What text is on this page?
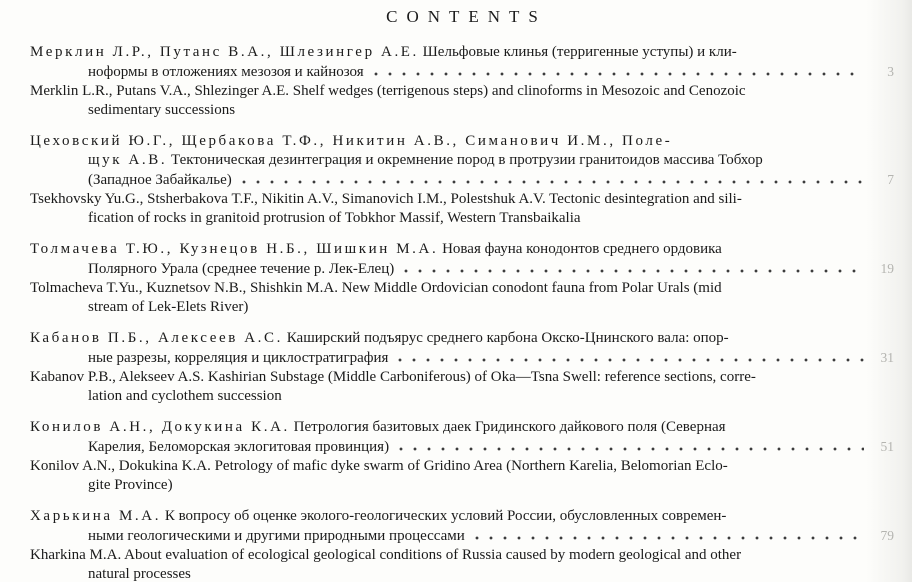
CONTENTS
Мерклин Л.Р., Путанс В.А., Шлезингер А.Е. Шельфовые клинья (терригенные уступы) и кли-
ноформы в отложениях мезозоя и кайнозоя	3
Merklin L.R., Putans V.A., Shlezinger A.E. Shelf wedges (terrigenous steps) and clinoforms in Mesozoic and Cenozoic
sedimentary successions
Цеховский Ю.Г., Щербакова Т.Ф., Никитин А.В., Симанович И.М., Поле-
щук А.В. Тектоническая дезинтеграция и окремнение пород в протрузии гранитоидов массива Тобхор
(Западное Забайкалье)	7
Tsekhovsky Yu.G., Stsherbakova T.F., Nikitin A.V., Simanovich I.M., Polestshuk A.V. Tectonic desintegration and sili-
fication of rocks in granitoid protrusion of Tobkhor Massif, Western Transbaikalia
Толмачева Т.Ю., Кузнецов Н.Б., Шишкин М.А. Новая фауна конодонтов среднего ордовика
Полярного Урала (среднее течение р. Лек-Елец)	19
Tolmacheva T.Yu., Kuznetsov N.B., Shishkin M.A. New Middle Ordovician conodont fauna from Polar Urals (mid
stream of Lek-Elets River)
Кабанов П.Б., Алексеев А.С. Каширский подъярус среднего карбона Окско-Цнинского вала: опор-
ные разрезы, корреляция и циклостратиграфия	31
Kabanov P.B., Alekseev A.S. Kashirian Substage (Middle Carboniferous) of Oka—Tsna Swell: reference sections, corre-
lation and cyclothem succession
Конилов А.Н., Докукина К.А. Петрология базитовых даек Гридинского дайкового поля (Северная
Карелия, Беломорская эклогитовая провинция)	51
Konilov A.N., Dokukina K.A. Petrology of mafic dyke swarm of Gridino Area (Northern Karelia, Belomorian Eclo-
gite Province)
Харькина М.А. К вопросу об оценке эколого-геологических условий России, обусловленных современ-
ными геологическими и другими природными процессами	79
Kharkina M.A. About evaluation of ecological geological conditions of Russia caused by modern geological and other
natural processes
